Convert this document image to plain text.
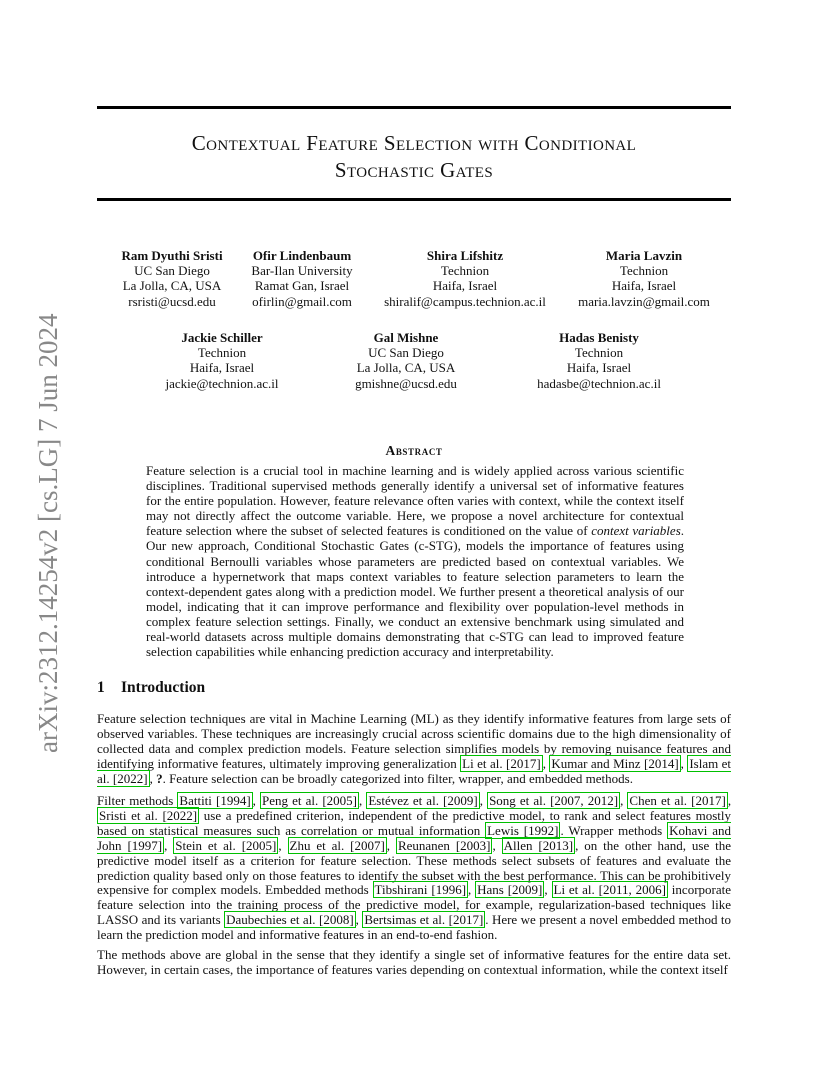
arXiv:2312.14254v2 [cs.LG] 7 Jun 2024
Contextual Feature Selection with Conditional
Stochastic Gates
Ram Dyuthi Sristi
UC San Diego
La Jolla, CA, USA
rsristi@ucsd.edu
Ofir Lindenbaum
Bar-Ilan University
Ramat Gan, Israel
ofirlin@gmail.com
Shira Lifshitz
Technion
Haifa, Israel
shiralif@campus.technion.ac.il
Maria Lavzin
Technion
Haifa, Israel
maria.lavzin@gmail.com
Jackie Schiller
Technion
Haifa, Israel
jackie@technion.ac.il
Gal Mishne
UC San Diego
La Jolla, CA, USA
gmishne@ucsd.edu
Hadas Benisty
Technion
Haifa, Israel
hadasbe@technion.ac.il
Abstract

Feature selection is a crucial tool in machine learning and is widely applied across various scientific disciplines. Traditional supervised methods generally identify a universal set of informative features for the entire population. However, feature relevance often varies with context, while the context itself may not directly affect the outcome variable. Here, we propose a novel architecture for contextual feature selection where the subset of selected features is conditioned on the value of context variables. Our new approach, Conditional Stochastic Gates (c-STG), models the importance of features using conditional Bernoulli variables whose parameters are predicted based on contextual variables. We introduce a hypernetwork that maps context variables to feature selection parameters to learn the context-dependent gates along with a prediction model. We further present a theoretical analysis of our model, indicating that it can improve performance and flexibility over population-level methods in complex feature selection settings. Finally, we conduct an extensive benchmark using simulated and real-world datasets across multiple domains demonstrating that c-STG can lead to improved feature selection capabilities while enhancing prediction accuracy and interpretability.

1 Introduction

Feature selection techniques are vital in Machine Learning (ML) as they identify informative features from large sets of observed variables. These techniques are increasingly crucial across scientific domains due to the high dimensionality of collected data and complex prediction models. Feature selection simplifies models by removing nuisance features and identifying informative features, ultimately improving generalization Li et al. [2017] , Kumar and Minz [2014] , Islam et al. [2022] , ?. Feature selection can be broadly categorized into filter, wrapper, and embedded methods.

Filter methods Battiti [1994] , Peng et al. [2005] , Estévez et al. [2009] , Song et al. [2007, 2012] , Chen et al. [2017] , Sristi et al. [2022] use a predefined criterion, independent of the predictive model, to rank and select features mostly based on statistical measures such as correlation or mutual information Lewis [1992] . Wrapper methods Kohavi and John [1997] , Stein et al. [2005] , Zhu et al. [2007] , Reunanen [2003] , Allen [2013] , on the other hand, use the predictive model itself as a criterion for feature selection. These methods select subsets of features and evaluate the prediction quality based only on those features to identify the subset with the best performance. This can be prohibitively expensive for complex models. Embedded methods Tibshirani [1996] , Hans [2009] , Li et al. [2011, 2006] incorporate feature selection into the training process of the predictive model, for example, regularization-based techniques like LASSO and its variants Daubechies et al. [2008] , Bertsimas et al. [2017] . Here we present a novel embedded method to learn the prediction model and informative features in an end-to-end fashion.

The methods above are global in the sense that they identify a single set of informative features for the entire data set. However, in certain cases, the importance of features varies depending on contextual information, while the context itself
